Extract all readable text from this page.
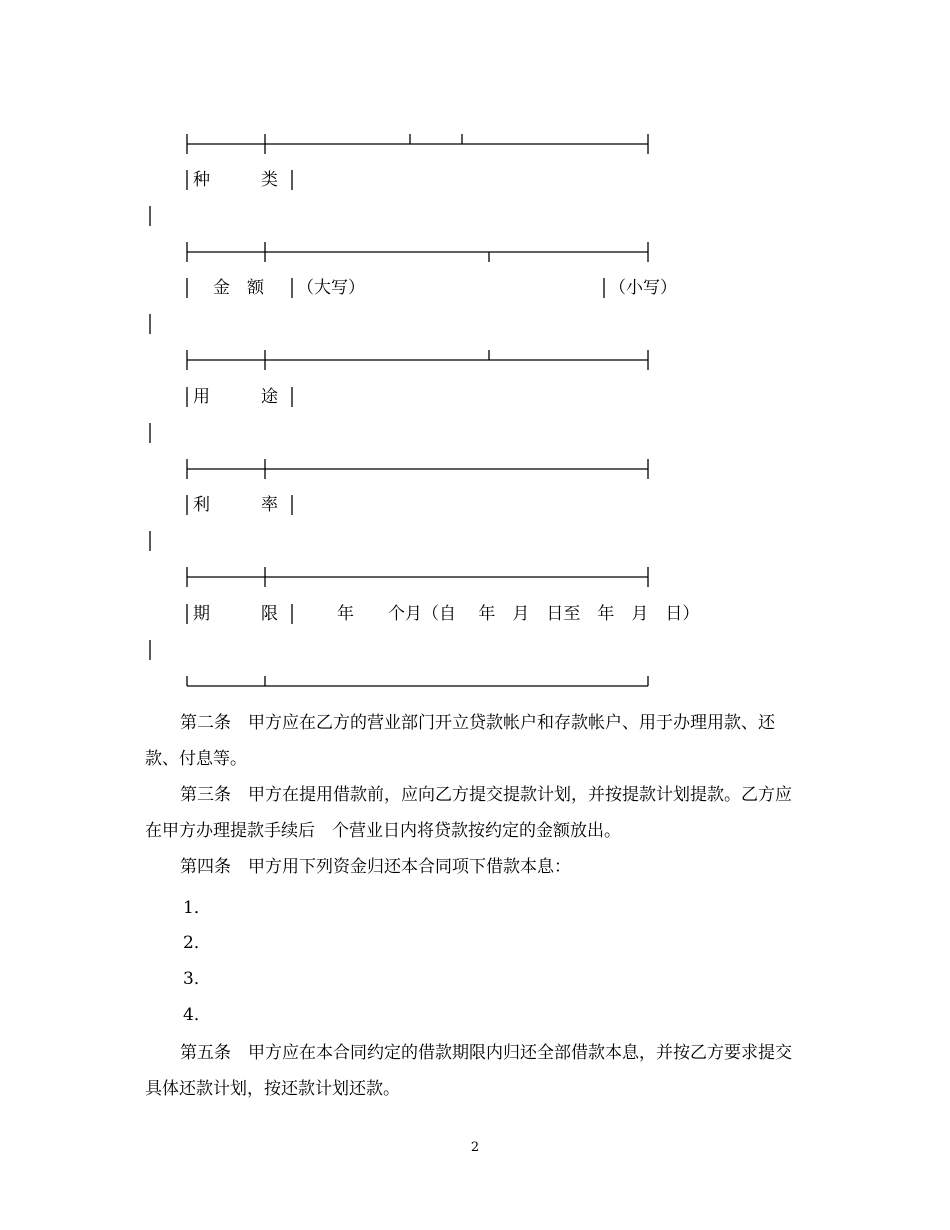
种　　　类
金　额 （大写）	（小写）
用　　　途
利　　　率
期　　　限	年　　个月（自　 年　月　日至　年　月　日）
第二条　 甲方应在乙方的营业部门开立贷款帐户和存款帐户、用于办理用款、还款、付息等。
第三条　 甲方在提用借款前，应向乙方提交提款计划，并按提款计划提款。乙方应在甲方办理提款手续后　个营业日内将贷款按约定的金额放出。
第四条　 甲方用下列资金归还本合同项下借款本息：
1．
2．
3．
4．
第五条　 甲方应在本合同约定的借款期限内归还全部借款本息，并按乙方要求提交具体还款计划，按还款计划还款。
2
